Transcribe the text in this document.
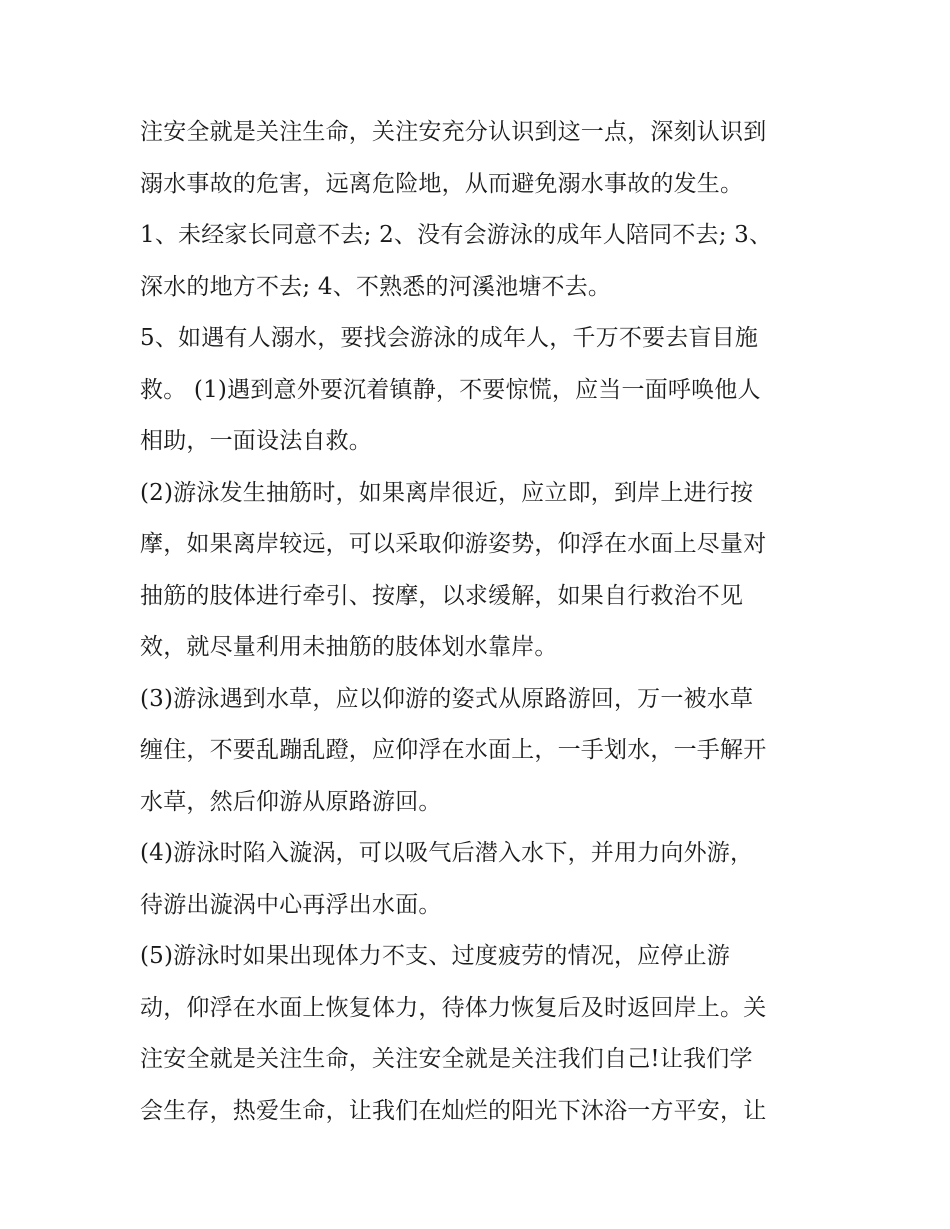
注安全就是关注生命，关注安充分认识到这一点，深刻认识到
溺水事故的危害，远离危险地，从而避免溺水事故的发生。
1、未经家长同意不去; 2、没有会游泳的成年人陪同不去; 3、
深水的地方不去; 4、不熟悉的河溪池塘不去。
5、如遇有人溺水，要找会游泳的成年人，千万不要去盲目施
救。 (1)遇到意外要沉着镇静，不要惊慌，应当一面呼唤他人
相助，一面设法自救。
(2)游泳发生抽筋时，如果离岸很近，应立即，到岸上进行按
摩，如果离岸较远，可以采取仰游姿势，仰浮在水面上尽量对
抽筋的肢体进行牵引、按摩，以求缓解，如果自行救治不见
效，就尽量利用未抽筋的肢体划水靠岸。
(3)游泳遇到水草，应以仰游的姿式从原路游回，万一被水草
缠住，不要乱蹦乱蹬，应仰浮在水面上，一手划水，一手解开
水草，然后仰游从原路游回。
(4)游泳时陷入漩涡，可以吸气后潜入水下，并用力向外游，
待游出漩涡中心再浮出水面。
(5)游泳时如果出现体力不支、过度疲劳的情况，应停止游
动，仰浮在水面上恢复体力，待体力恢复后及时返回岸上。关
注安全就是关注生命，关注安全就是关注我们自己!让我们学
会生存，热爱生命，让我们在灿烂的阳光下沐浴一方平安，让
